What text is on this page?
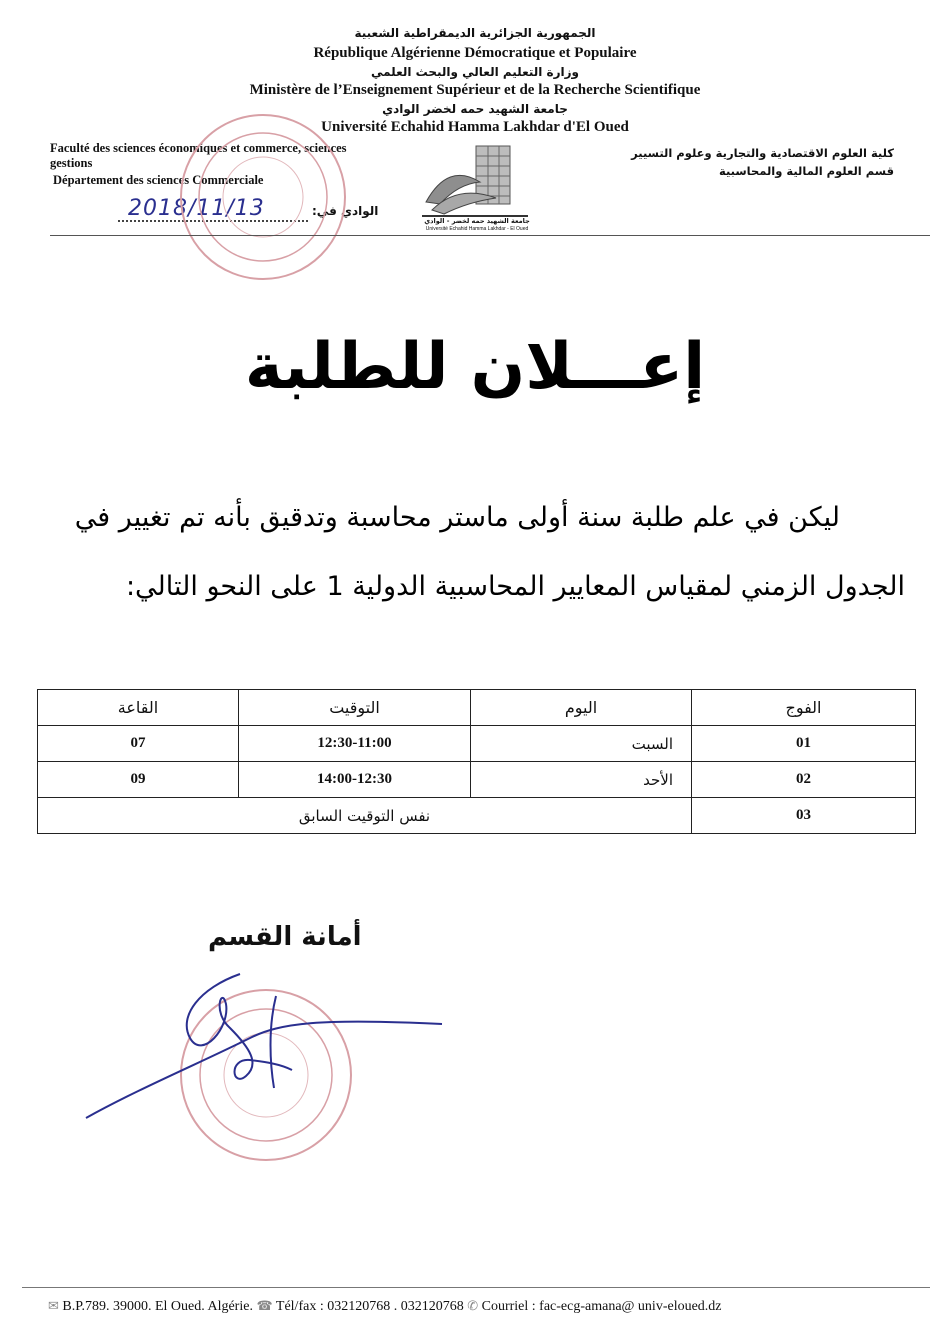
الجمهورية الجزائرية الديمقراطية الشعبية
République Algérienne Démocratique et Populaire
وزارة التعليم العالي والبحث العلمي
Ministère de l’Enseignement Supérieur et de la Recherche Scientifique
جامعة الشهيد حمه لخضر الوادي
Université Echahid Hamma Lakhdar d'El Oued
Faculté des sciences économiques et commerce, sciences
gestions
Département des sciences Commerciale
كلية العلوم الاقتصادية والتجارية وعلوم التسيير
قسم العلوم المالية والمحاسبية
جامعة الشهيد حمه لخضر - الوادي
Université Echahid Hamma Lakhdar - El Oued
الوادي في:
2018/11/13
إعـــلان للطلبة
ليكن في علم طلبة سنة أولى ماستر محاسبة وتدقيق بأنه تم تغيير في
الجدول الزمني لمقياس المعايير المحاسبية الدولية 1 على النحو التالي:
الفوج	اليوم	التوقيت	القاعة
01	السبت	12:30-11:00	07
02	الأحد	14:00-12:30	09
03	نفس التوقيت السابق		
أمانة القسم
✉ B.P.789. 39000. El Oued. Algérie. ☎ Tél/fax : 032120768 . 032120768 ✆ Courriel : fac-ecg-amana@ univ-eloued.dz
